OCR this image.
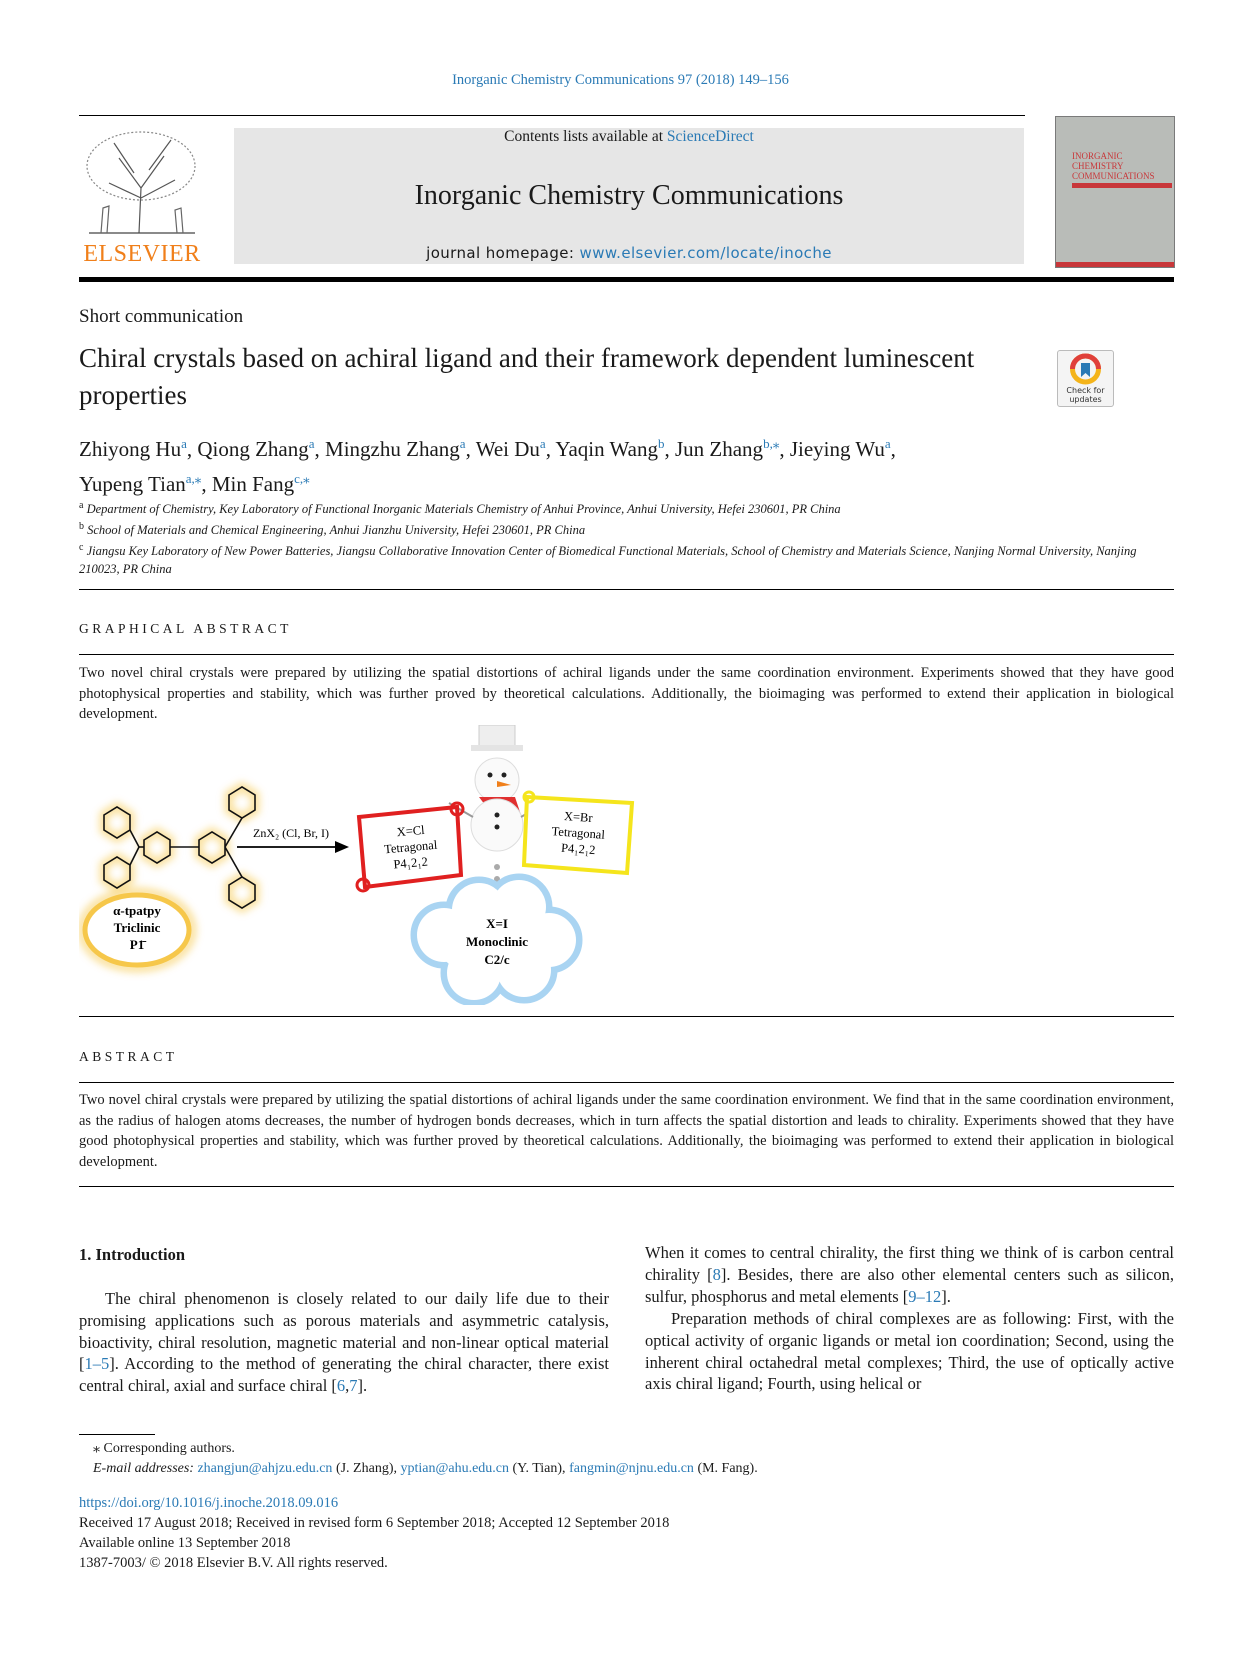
Inorganic Chemistry Communications 97 (2018) 149–156
ELSEVIER
Contents lists available at ScienceDirect
Inorganic Chemistry Communications
journal homepage: www.elsevier.com/locate/inoche
INORGANIC CHEMISTRY COMMUNICATIONS
Short communication
Chiral crystals based on achiral ligand and their framework dependent luminescent properties	Check for updates
Zhiyong Hu$^a$, Qiong Zhang$^a$, Mingzhu Zhang$^a$, Wei Du$^a$, Yaqin Wang$^b$, Jun Zhang$^{b,⁎}$, Jieying Wu$^a$,
Yupeng Tian$^{a,⁎}$, Min Fang$^{c,⁎}$
$^a$ Department of Chemistry, Key Laboratory of Functional Inorganic Materials Chemistry of Anhui Province, Anhui University, Hefei 230601, PR China
$^b$ School of Materials and Chemical Engineering, Anhui Jianzhu University, Hefei 230601, PR China
$^c$ Jiangsu Key Laboratory of New Power Batteries, Jiangsu Collaborative Innovation Center of Biomedical Functional Materials, School of Chemistry and Materials Science, Nanjing Normal University, Nanjing 210023, PR China
GRAPHICAL ABSTRACT
Two novel chiral crystals were prepared by utilizing the spatial distortions of achiral ligands under the same coordination environment. Experiments showed that they have good photophysical properties and stability, which was further proved by theoretical calculations. Additionally, the bioimaging was performed to extend their application in biological development.
α-tpatpy
Triclinic
P1̄
ZnX₂ (Cl, Br, I)	X=Cl
Tetragonal
P4₁2₁2
X=Br
Tetragonal
P4₁2₁2
X=I
Monoclinic
C2/c
ABSTRACT
Two novel chiral crystals were prepared by utilizing the spatial distortions of achiral ligands under the same coordination environment. We find that in the same coordination environment, as the radius of halogen atoms decreases, the number of hydrogen bonds decreases, which in turn affects the spatial distortion and leads to chirality. Experiments showed that they have good photophysical properties and stability, which was further proved by theoretical calculations. Additionally, the bioimaging was performed to extend their application in biological development.
1. Introduction
The chiral phenomenon is closely related to our daily life due to their promising applications such as porous materials and asymmetric catalysis, bioactivity, chiral resolution, magnetic material and non-linear optical material [1–5]. According to the method of generating the chiral character, there exist central chiral, axial and surface chiral [6,7].
When it comes to central chirality, the first thing we think of is carbon central chirality [8]. Besides, there are also other elemental centers such as silicon, sulfur, phosphorus and metal elements [9–12].
Preparation methods of chiral complexes are as following: First, with the optical activity of organic ligands or metal ion coordination; Second, using the inherent chiral octahedral metal complexes; Third, the use of optically active axis chiral ligand; Fourth, using helical or
⁎ Corresponding authors.
E-mail addresses: zhangjun@ahjzu.edu.cn (J. Zhang), yptian@ahu.edu.cn (Y. Tian), fangmin@njnu.edu.cn (M. Fang).
https://doi.org/10.1016/j.inoche.2018.09.016
Received 17 August 2018; Received in revised form 6 September 2018; Accepted 12 September 2018
Available online 13 September 2018
1387-7003/ © 2018 Elsevier B.V. All rights reserved.
